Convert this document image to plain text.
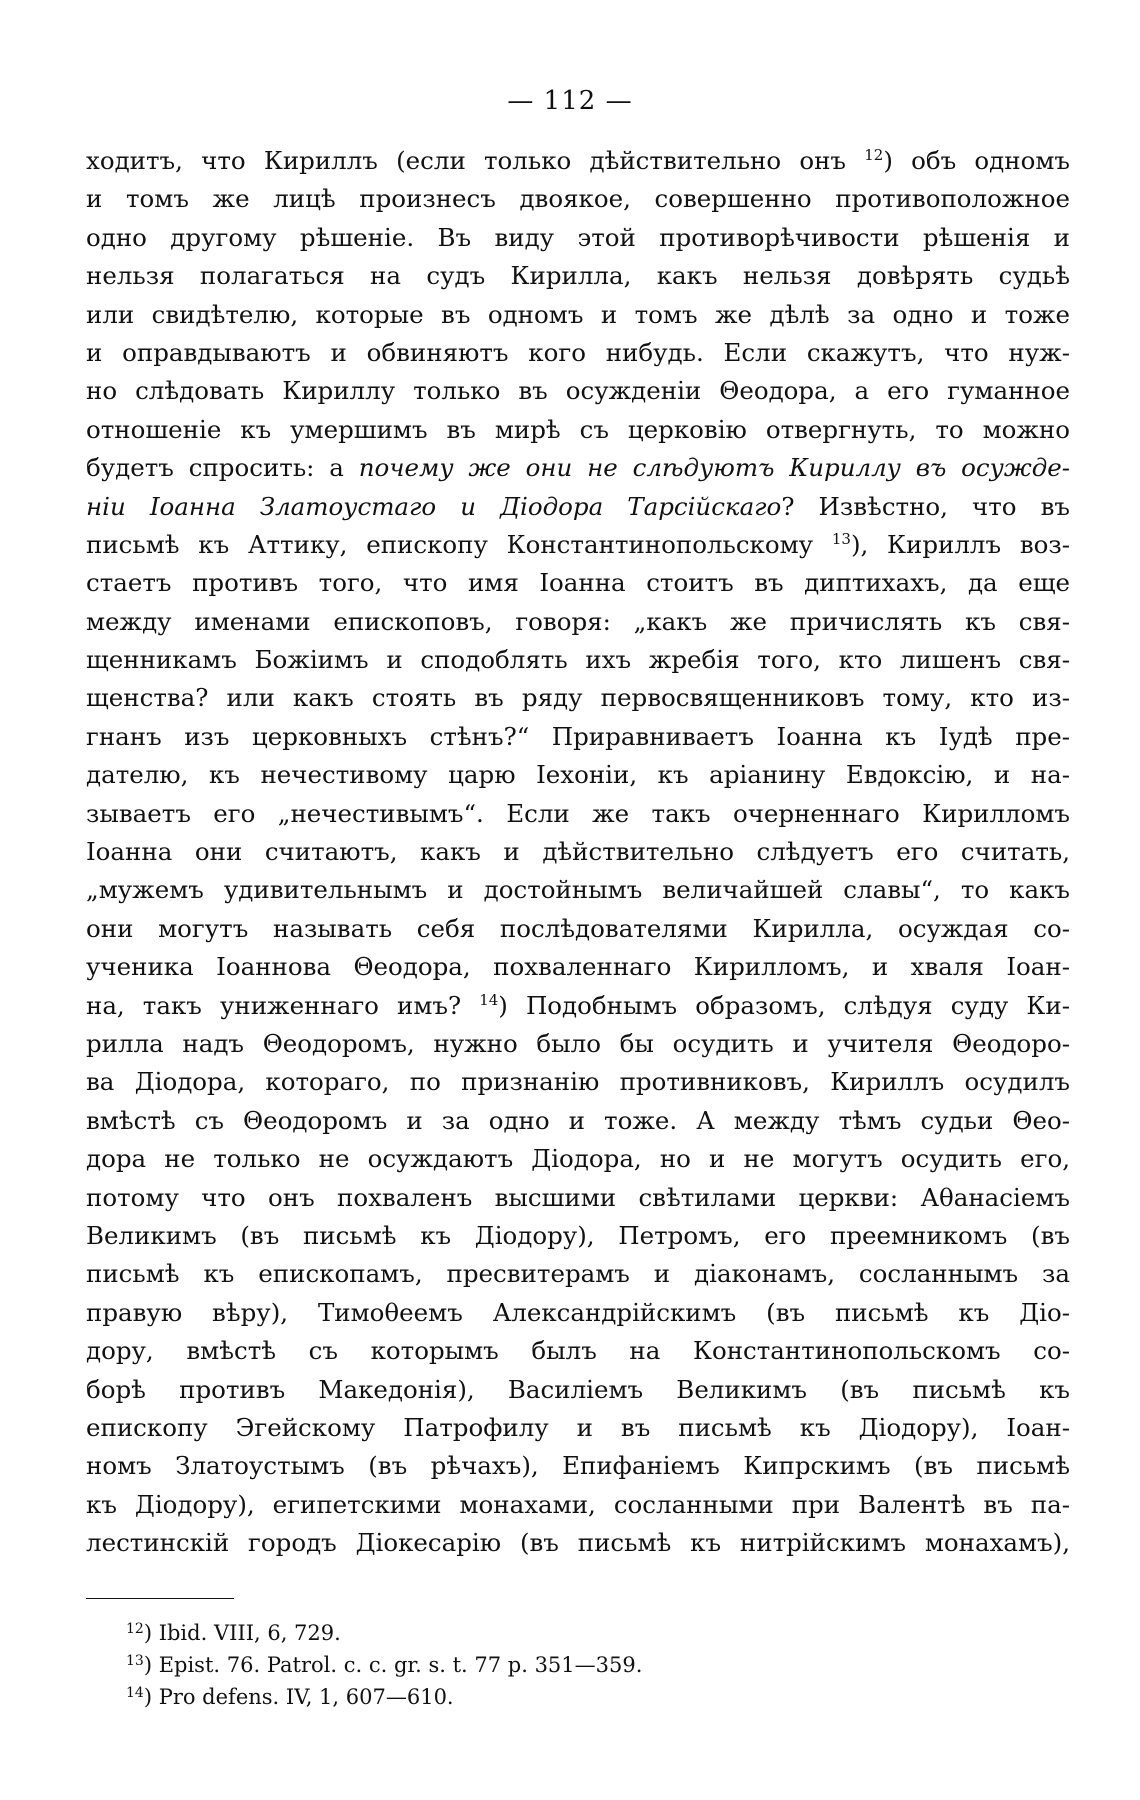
— 112 —
ходитъ, что Кириллъ (если только дѣйствительно онъ $^{12}$) объ одномъ
и томъ же лицѣ произнесъ двоякое, совершенно противоположное
одно другому рѣшеніе. Въ виду этой противорѣчивости рѣшенія и
нельзя полагаться на судъ Кирилла, какъ нельзя довѣрять судьѣ
или свидѣтелю, которые въ одномъ и томъ же дѣлѣ за одно и тоже
и оправдываютъ и обвиняютъ кого нибудь. Если скажутъ, что нуж-
но слѣдовать Кириллу только въ осужденіи Θеодора, а его гуманное
отношеніе къ умершимъ въ мирѣ съ церковію отвергнуть, то можно
будетъ спросить: а почему же они не слѣдуютъ Кириллу въ осужде-
ніи Іоанна Златоустаго и Діодора Тарсійскаго? Извѣстно, что въ
письмѣ къ Аттику, епископу Константинопольскому $^{13}$), Кириллъ воз-
стаетъ противъ того, что имя Іоанна стоитъ въ диптихахъ, да еще
между именами епископовъ, говоря: „какъ же причислять къ свя-
щенникамъ Божіимъ и сподоблять ихъ жребія того, кто лишенъ свя-
щенства? или какъ стоять въ ряду первосвященниковъ тому, кто из-
гнанъ изъ церковныхъ стѣнъ?“ Приравниваетъ Іоанна къ Іудѣ пре-
дателю, къ нечестивому царю Іехоніи, къ аріанину Евдоксію, и на-
зываетъ его „нечестивымъ“. Если же такъ очерненнаго Кирилломъ
Іоанна они считаютъ, какъ и дѣйствительно слѣдуетъ его считать,
„мужемъ удивительнымъ и достойнымъ величайшей славы“, то какъ
они могутъ называть себя послѣдователями Кирилла, осуждая со-
ученика Іоаннова Θеодора, похваленнаго Кирилломъ, и хваля Іоан-
на, такъ униженнаго имъ? $^{14}$) Подобнымъ образомъ, слѣдуя суду Ки-
рилла надъ Θеодоромъ, нужно было бы осудить и учителя Θеодоро-
ва Діодора, котораго, по признанію противниковъ, Кириллъ осудилъ
вмѣстѣ съ Θеодоромъ и за одно и тоже. А между тѣмъ судьи Θео-
дора не только не осуждаютъ Діодора, но и не могутъ осудить его,
потому что онъ похваленъ высшими свѣтилами церкви: Аθанасіемъ
Великимъ (въ письмѣ къ Діодору), Петромъ, его преемникомъ (въ
письмѣ къ епископамъ, пресвитерамъ и діаконамъ, сосланнымъ за
правую вѣру), Тимоθеемъ Александрійскимъ (въ письмѣ къ Діо-
дору, вмѣстѣ съ которымъ былъ на Константинопольскомъ со-
борѣ противъ Македонія), Василіемъ Великимъ (въ письмѣ къ
епископу Эгейскому Патрофилу и въ письмѣ къ Діодору), Іоан-
номъ Златоустымъ (въ рѣчахъ), Епифаніемъ Кипрскимъ (въ письмѣ
къ Діодору), египетскими монахами, сосланными при Валентѣ въ па-
лестинскій городъ Діокесарію (въ письмѣ къ нитрійскимъ монахамъ),
$^{12}$) Ibid. VIII, 6, 729.
$^{13}$) Epist. 76. Patrol. c. c. gr. s. t. 77 p. 351—359.
$^{14}$) Pro defens. IV, 1, 607—610.
